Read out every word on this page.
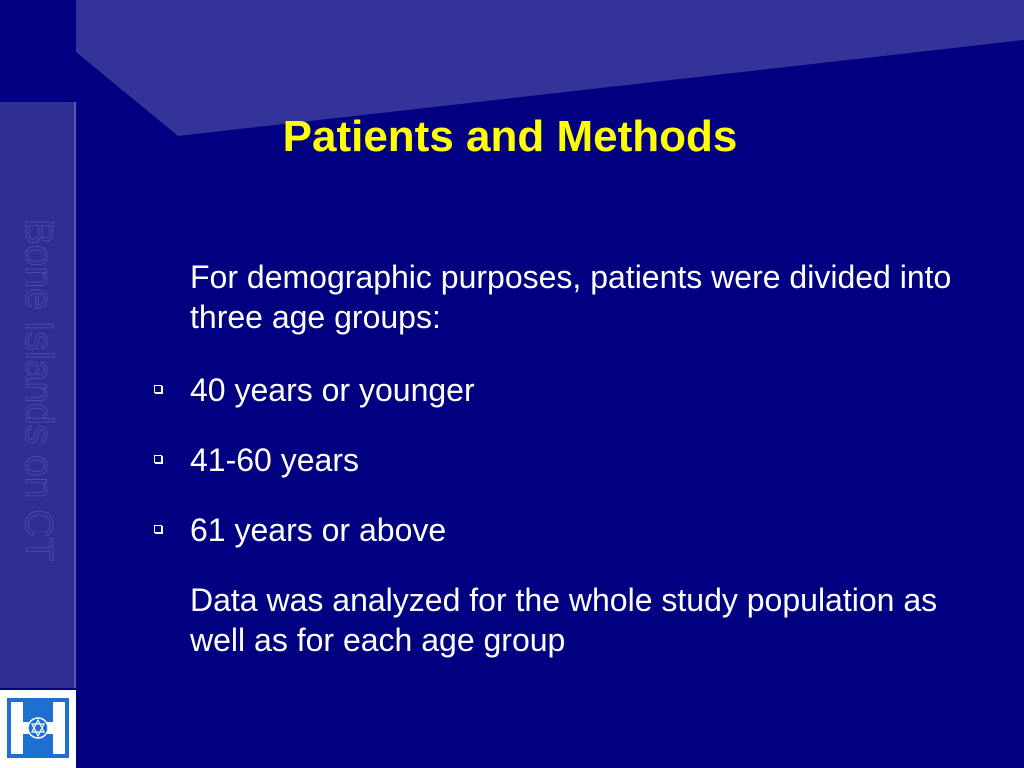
Bone Islands on CT
Patients and Methods

For demographic purposes, patients were divided into three age groups:

40 years or younger
41-60 years
61 years or above

Data was analyzed for the whole study population as well as for each age group
